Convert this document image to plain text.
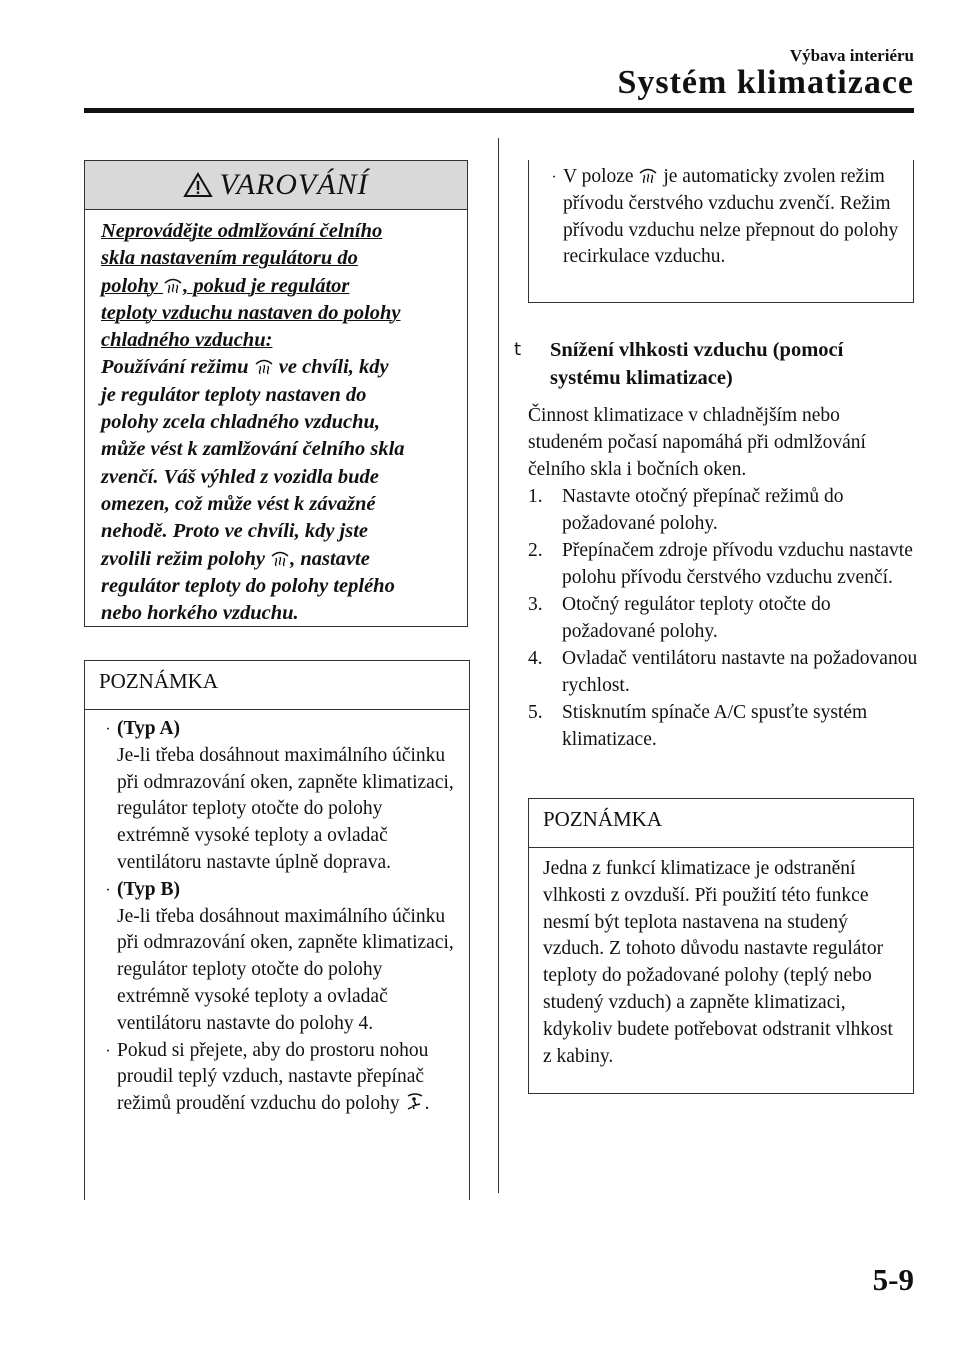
Výbava interiéru
Systém klimatizace
VAROVÁNÍ
Neprovádějte odmlžování čelního
skla nastavením regulátoru do
polohy , pokud je regulátor
teploty vzduchu nastaven do polohy
chladného vzduchu:
Používání režimu  ve chvíli, kdy
je regulátor teploty nastaven do
polohy zcela chladného vzduchu,
může vést k zamlžování čelního skla
zvenčí. Váš výhled z vozidla bude
omezen, což může vést k závažné
nehodě. Proto ve chvíli, kdy jste
zvolili režim polohy , nastavte
regulátor teploty do polohy teplého
nebo horkého vzduchu.
POZNÁMKA
· (Typ A)
Je-li třeba dosáhnout maximálního účinku při odmrazování oken, zapněte klimatizaci, regulátor teploty otočte do polohy extrémně vysoké teploty a ovladač ventilátoru nastavte úplně doprava.
· (Typ B)
Je-li třeba dosáhnout maximálního účinku při odmrazování oken, zapněte klimatizaci, regulátor teploty otočte do polohy extrémně vysoké teploty a ovladač ventilátoru nastavte do polohy 4.
· Pokud si přejete, aby do prostoru nohou proudil teplý vzduch, nastavte přepínač režimů proudění vzduchu do polohy .
· V poloze  je automaticky zvolen režim přívodu čerstvého vzduchu zvenčí. Režim přívodu vzduchu nelze přepnout do polohy recirkulace vzduchu.
t	Snížení vlhkosti vzduchu (pomocí systému klimatizace)
Činnost klimatizace v chladnějším nebo studeném počasí napomáhá při odmlžování čelního skla i bočních oken.
1. Nastavte otočný přepínač režimů do požadované polohy.
2. Přepínačem zdroje přívodu vzduchu nastavte polohu přívodu čerstvého vzduchu zvenčí.
3. Otočný regulátor teploty otočte do požadované polohy.
4. Ovladač ventilátoru nastavte na požadovanou rychlost.
5. Stisknutím spínače A/C spusťte systém klimatizace.
POZNÁMKA
Jedna z funkcí klimatizace je odstranění vlhkosti z ovzduší. Při použití této funkce nesmí být teplota nastavena na studený vzduch. Z tohoto důvodu nastavte regulátor teploty do požadované polohy (teplý nebo studený vzduch) a zapněte klimatizaci, kdykoliv budete potřebovat odstranit vlhkost z kabiny.
5-9
